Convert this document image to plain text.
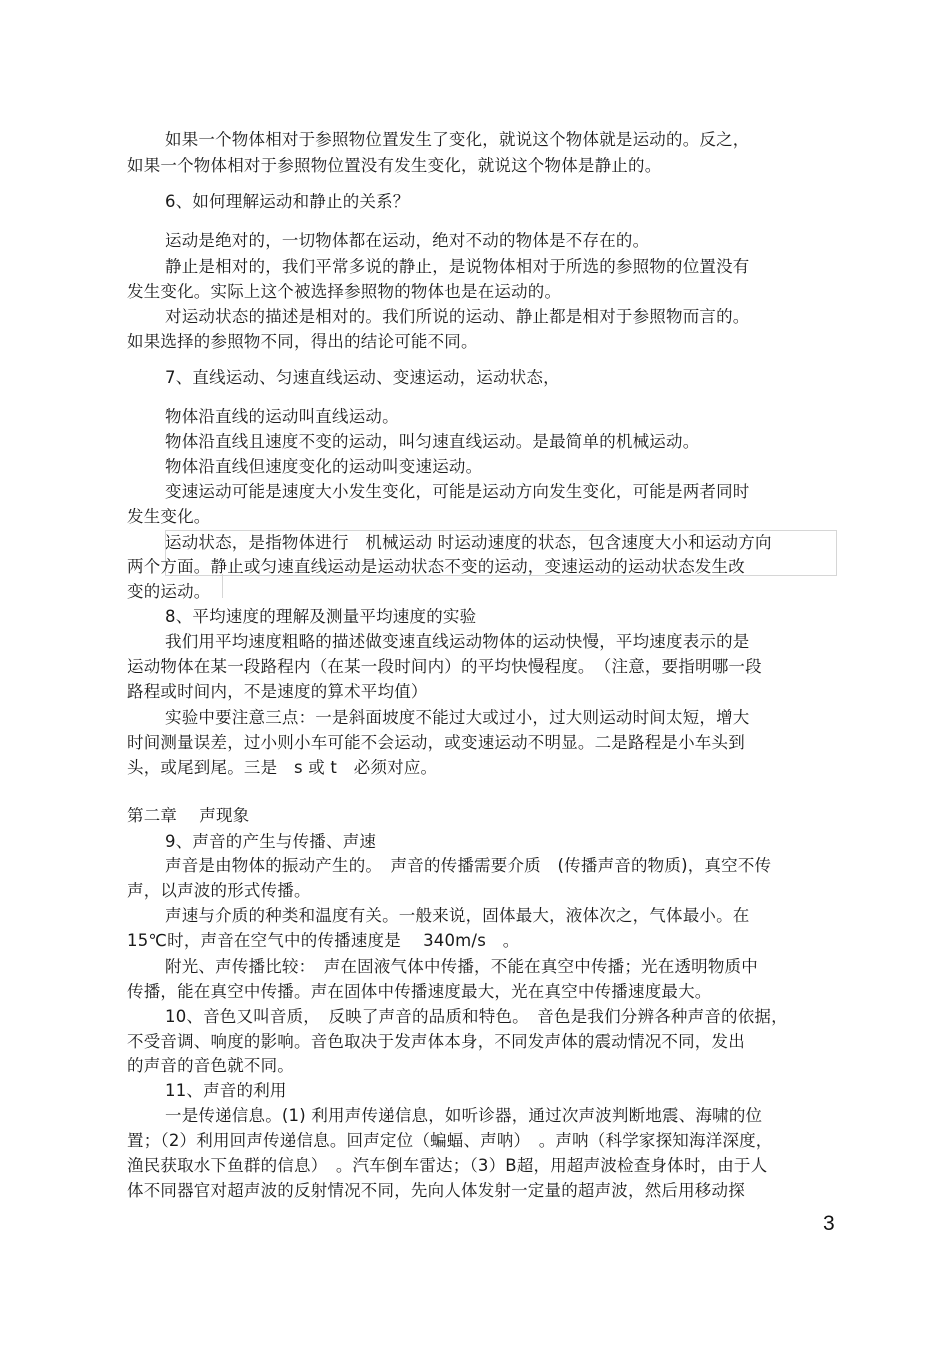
如果一个物体相对于参照物位置发生了变化，就说这个物体就是运动的。反之，
如果一个物体相对于参照物位置没有发生变化，就说这个物体是静止的。
6、如何理解运动和静止的关系？
运动是绝对的，一切物体都在运动，绝对不动的物体是不存在的。
静止是相对的，我们平常多说的静止，是说物体相对于所选的参照物的位置没有
发生变化。实际上这个被选择参照物的物体也是在运动的。
对运动状态的描述是相对的。我们所说的运动、静止都是相对于参照物而言的。
如果选择的参照物不同，得出的结论可能不同。
7、直线运动、匀速直线运动、变速运动，运动状态，
物体沿直线的运动叫直线运动。
物体沿直线且速度不变的运动，叫匀速直线运动。是最简单的机械运动。
物体沿直线但速度变化的运动叫变速运动。
变速运动可能是速度大小发生变化，可能是运动方向发生变化，可能是两者同时
发生变化。
运动状态，是指物体进行　机械运动 时运动速度的状态，包含速度大小和运动方向
两个方面。静止或匀速直线运动是运动状态不变的运动，变速运动的运动状态发生改
变的运动。
8、平均速度的理解及测量平均速度的实验
我们用平均速度粗略的描述做变速直线运动物体的运动快慢，平均速度表示的是
运动物体在某一段路程内（在某一段时间内）的平均快慢程度。　（注意，要指明哪一段
路程或时间内，不是速度的算术平均值）
实验中要注意三点：一是斜面坡度不能过大或过小，过大则运动时间太短，增大
时间测量误差，过小则小车可能不会运动，或变速运动不明显。二是路程是小车头到
头，或尾到尾。三是　s 或 t　必须对应。
第二章　 声现象
9、声音的产生与传播、声速
声音是由物体的振动产生的。　声音的传播需要介质　(传播声音的物质)，真空不传
声，以声波的形式传播。
声速与介质的种类和温度有关。一般来说，固体最大，液体次之，气体最小。在
15℃时，声音在空气中的传播速度是　 340m/s　。
附光、声传播比较：　声在固液气体中传播，不能在真空中传播；光在透明物质中
传播，能在真空中传播。声在固体中传播速度最大，光在真空中传播速度最大。
10、音色又叫音质，　反映了声音的品质和特色。　音色是我们分辨各种声音的依据，
不受音调、响度的影响。音色取决于发声体本身，不同发声体的震动情况不同，发出
的声音的音色就不同。
11、声音的利用
一是传递信息。(1) 利用声传递信息，如听诊器，通过次声波判断地震、海啸的位
置；（2）利用回声传递信息。回声定位（蝙蝠、声呐）　。声呐（科学家探知海洋深度，
渔民获取水下鱼群的信息）　。汽车倒车雷达；（3）B超，用超声波检查身体时，由于人
体不同器官对超声波的反射情况不同，先向人体发射一定量的超声波，然后用移动探
3
